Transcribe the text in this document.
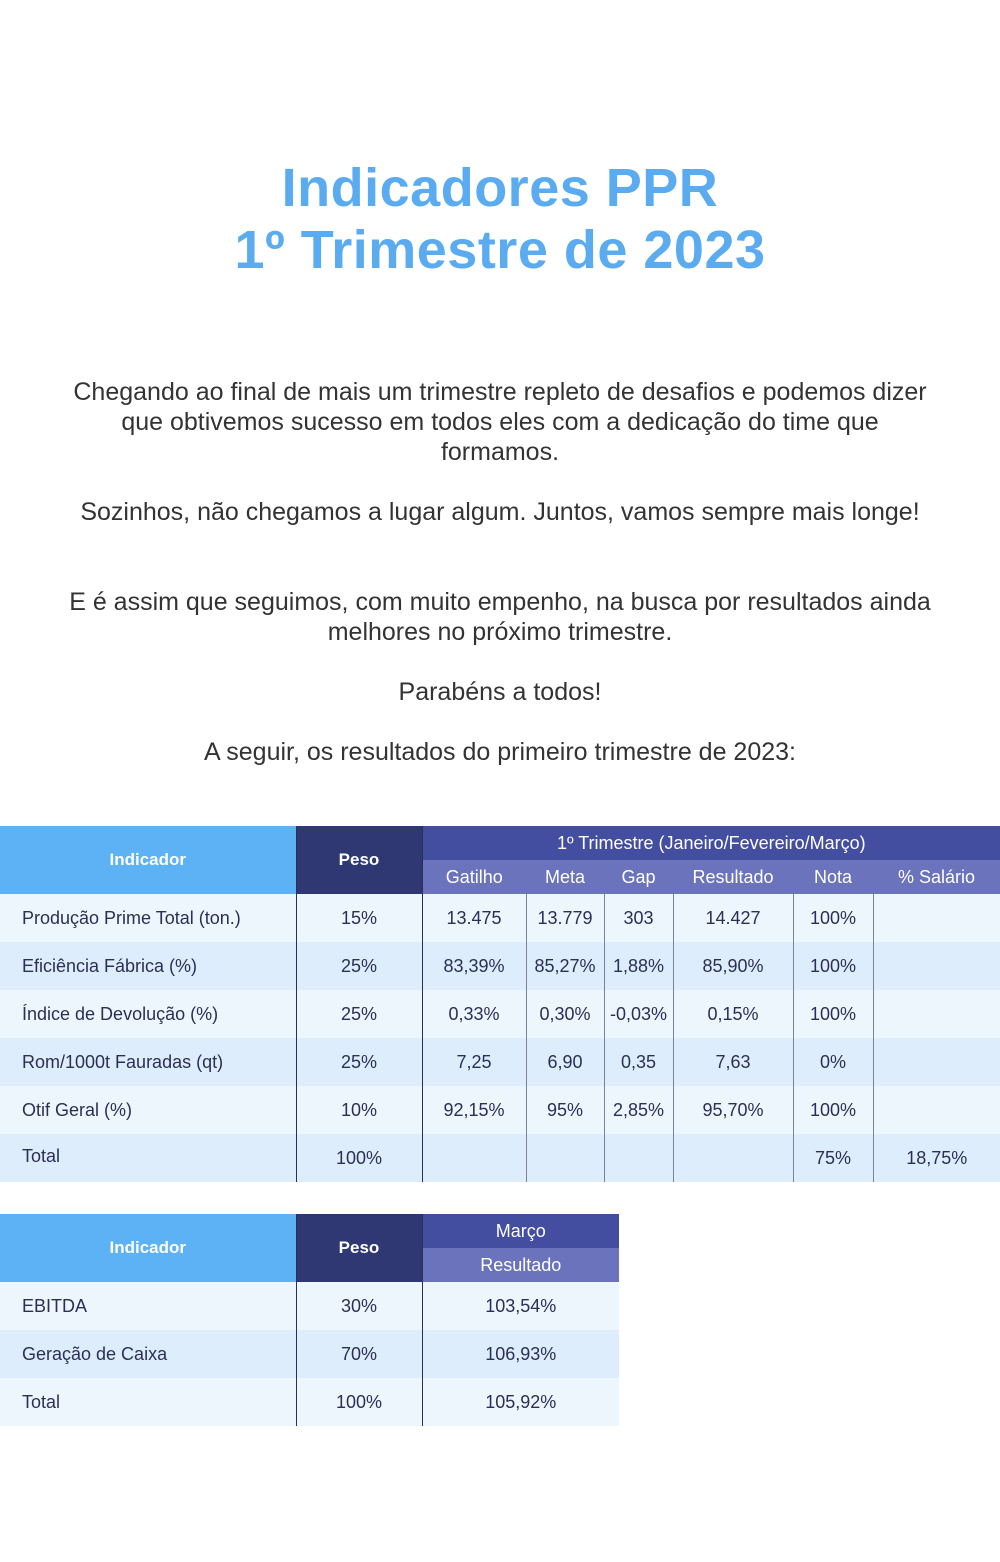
Indicadores PPR
1º Trimestre de 2023

Chegando ao final de mais um trimestre repleto de desafios e podemos dizer que obtivemos sucesso em todos eles com a dedicação do time que formamos.

Sozinhos, não chegamos a lugar algum. Juntos, vamos sempre mais longe!

E é assim que seguimos, com muito empenho, na busca por resultados ainda melhores no próximo trimestre.

Parabéns a todos!

A seguir, os resultados do primeiro trimestre de 2023:

Indicador	Peso	1º Trimestre (Janeiro/Fevereiro/Março)					
		Gatilho	Meta	Gap	Resultado	Nota	% Salário
Produção Prime Total (ton.)	15%	13.475	13.779	303	14.427	100%	
Eficiência Fábrica (%)	25%	83,39%	85,27%	1,88%	85,90%	100%	
Índice de Devolução (%)	25%	0,33%	0,30%	-0,03%	0,15%	100%	
Rom/1000t Fauradas (qt)	25%	7,25	6,90	0,35	7,63	0%	
Otif Geral (%)	10%	92,15%	95%	2,85%	95,70%	100%	
Total	100%					75%	18,75%
Indicador	Peso	Março
		Resultado
EBITDA	30%	103,54%
Geração de Caixa	70%	106,93%
Total	100%	105,92%
